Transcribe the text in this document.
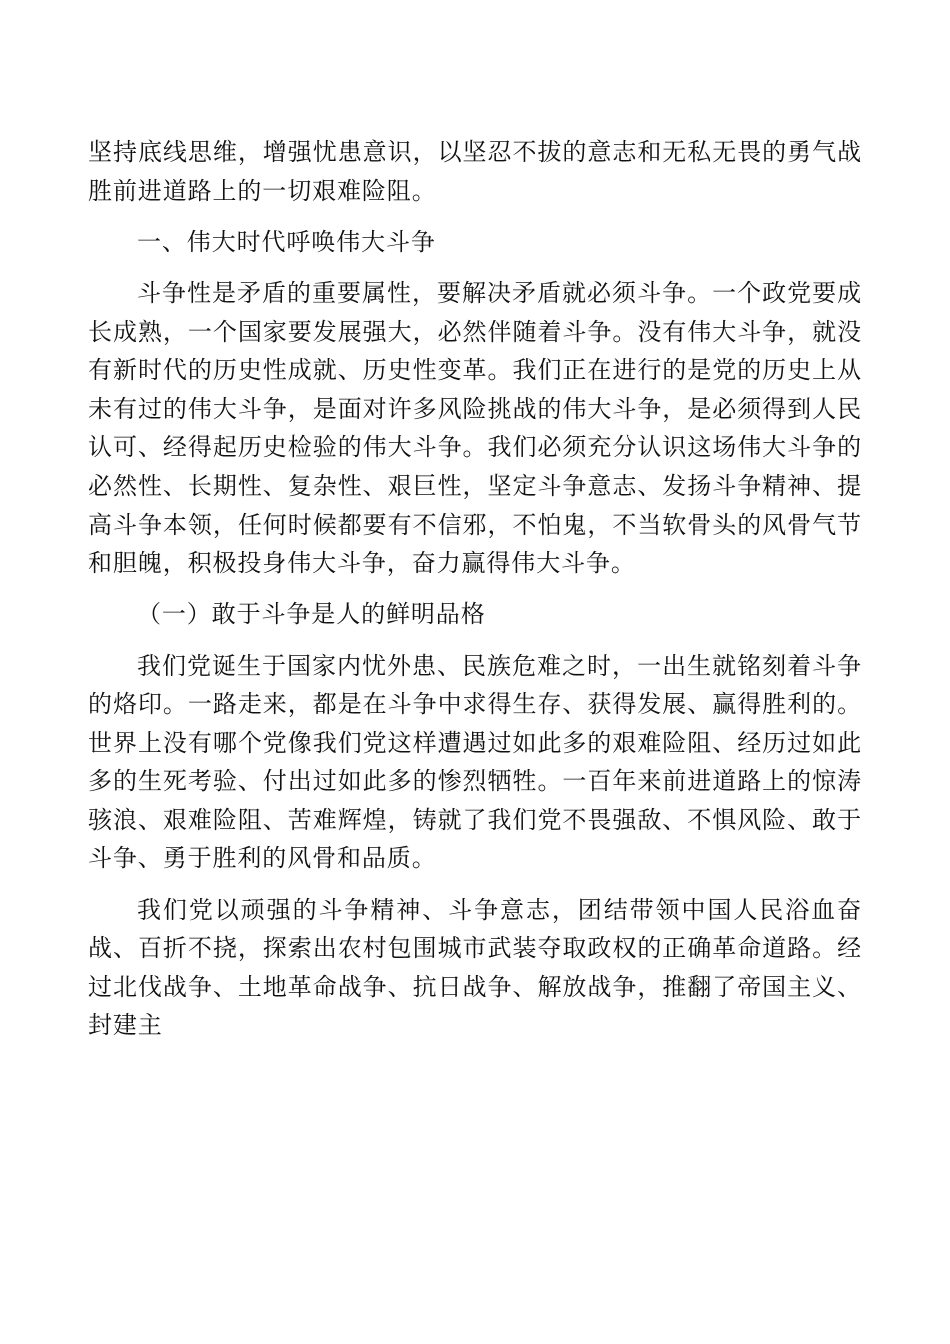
坚持底线思维，增强忧患意识，以坚忍不拔的意志和无私无畏的勇气战胜前进道路上的一切艰难险阻。

一、伟大时代呼唤伟大斗争

斗争性是矛盾的重要属性，要解决矛盾就必须斗争。一个政党要成长成熟，一个国家要发展强大，必然伴随着斗争。没有伟大斗争，就没有新时代的历史性成就、历史性变革。我们正在进行的是党的历史上从未有过的伟大斗争，是面对许多风险挑战的伟大斗争，是必须得到人民认可、经得起历史检验的伟大斗争。我们必须充分认识这场伟大斗争的必然性、长期性、复杂性、艰巨性，坚定斗争意志、发扬斗争精神、提高斗争本领，任何时候都要有不信邪，不怕鬼，不当软骨头的风骨气节和胆魄，积极投身伟大斗争，奋力赢得伟大斗争。

（一）敢于斗争是人的鲜明品格

我们党诞生于国家内忧外患、民族危难之时，一出生就铭刻着斗争的烙印。一路走来，都是在斗争中求得生存、获得发展、赢得胜利的。世界上没有哪个党像我们党这样遭遇过如此多的艰难险阻、经历过如此多的生死考验、付出过如此多的惨烈牺牲。一百年来前进道路上的惊涛骇浪、艰难险阻、苦难辉煌，铸就了我们党不畏强敌、不惧风险、敢于斗争、勇于胜利的风骨和品质。

我们党以顽强的斗争精神、斗争意志，团结带领中国人民浴血奋战、百折不挠，探索出农村包围城市武装夺取政权的正确革命道路。经过北伐战争、土地革命战争、抗日战争、解放战争，推翻了帝国主义、封建主
